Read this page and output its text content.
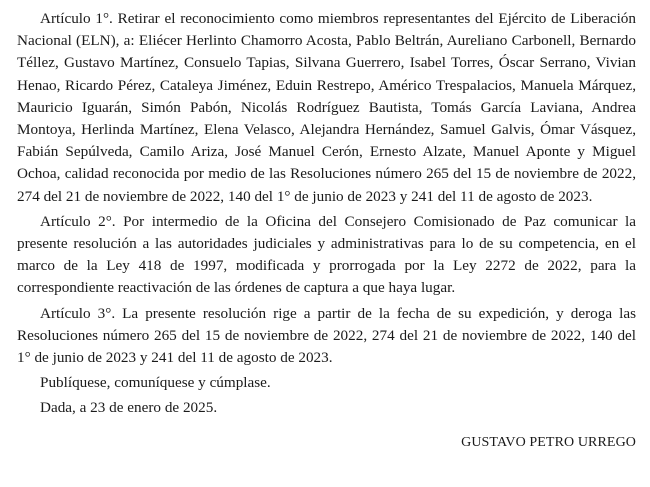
Artículo 1°. Retirar el reconocimiento como miembros representantes del Ejército de Liberación Nacional (ELN), a: Eliécer Herlinto Chamorro Acosta, Pablo Beltrán, Aureliano Carbonell, Bernardo Téllez, Gustavo Martínez, Consuelo Tapias, Silvana Guerrero, Isabel Torres, Óscar Serrano, Vivian Henao, Ricardo Pérez, Cataleya Jiménez, Eduin Restrepo, Américo Trespalacios, Manuela Márquez, Mauricio Iguarán, Simón Pabón, Nicolás Rodríguez Bautista, Tomás García Laviana, Andrea Montoya, Herlinda Martínez, Elena Velasco, Alejandra Hernández, Samuel Galvis, Ómar Vásquez, Fabián Sepúlveda, Camilo Ariza, José Manuel Cerón, Ernesto Alzate, Manuel Aponte y Miguel Ochoa, calidad reconocida por medio de las Resoluciones número 265 del 15 de noviembre de 2022, 274 del 21 de noviembre de 2022, 140 del 1° de junio de 2023 y 241 del 11 de agosto de 2023.

Artículo 2°. Por intermedio de la Oficina del Consejero Comisionado de Paz comunicar la presente resolución a las autoridades judiciales y administrativas para lo de su competencia, en el marco de la Ley 418 de 1997, modificada y prorrogada por la Ley 2272 de 2022, para la correspondiente reactivación de las órdenes de captura a que haya lugar.

Artículo 3°. La presente resolución rige a partir de la fecha de su expedición, y deroga las Resoluciones número 265 del 15 de noviembre de 2022, 274 del 21 de noviembre de 2022, 140 del 1° de junio de 2023 y 241 del 11 de agosto de 2023.

Publíquese, comuníquese y cúmplase.

Dada, a 23 de enero de 2025.

GUSTAVO PETRO URREGO
